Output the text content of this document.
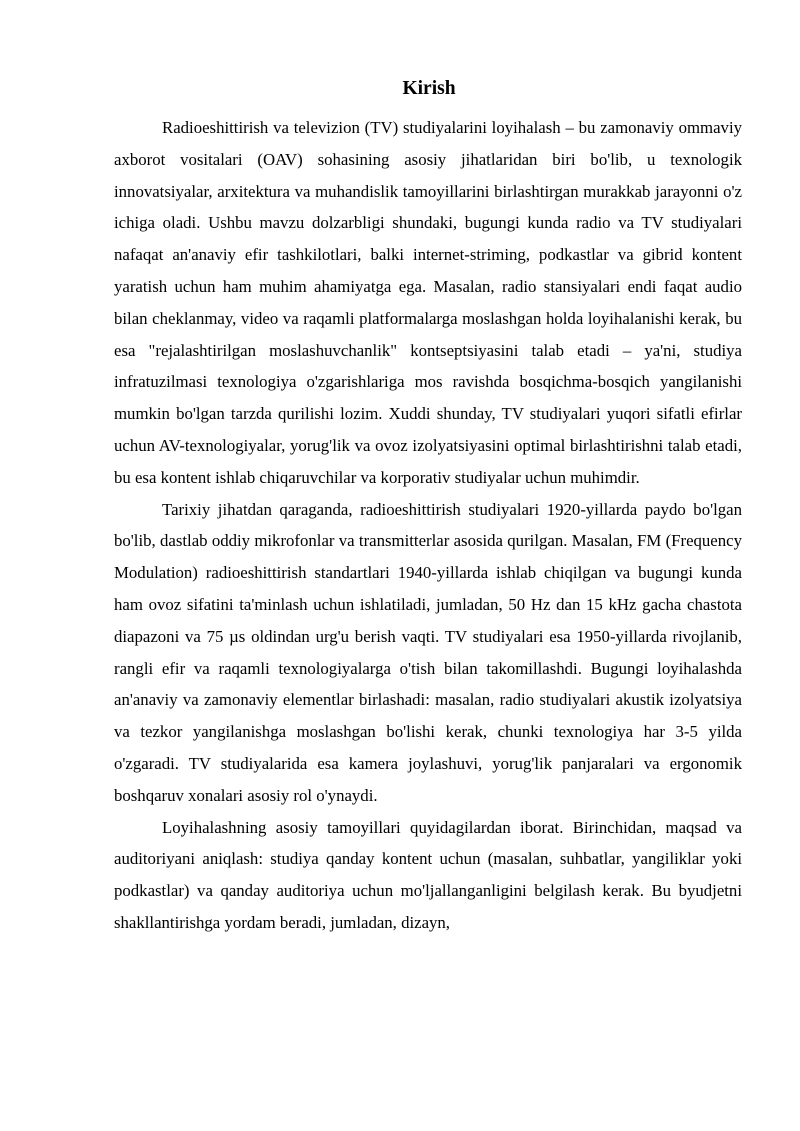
Kirish

Radioeshittirish va televizion (TV) studiyalarini loyihalash – bu zamonaviy ommaviy axborot vositalari (OAV) sohasining asosiy jihatlaridan biri bo'lib, u texnologik innovatsiyalar, arxitektura va muhandislik tamoyillarini birlashtirgan murakkab jarayonni o'z ichiga oladi. Ushbu mavzu dolzarbligi shundaki, bugungi kunda radio va TV studiyalari nafaqat an'anaviy efir tashkilotlari, balki internet-striming, podkastlar va gibrid kontent yaratish uchun ham muhim ahamiyatga ega. Masalan, radio stansiyalari endi faqat audio bilan cheklanmay, video va raqamli platformalarga moslashgan holda loyihalanishi kerak, bu esa "rejalashtirilgan moslashuvchanlik" kontseptsiyasini talab etadi – ya'ni, studiya infratuzilmasi texnologiya o'zgarishlariga mos ravishda bosqichma-bosqich yangilanishi mumkin bo'lgan tarzda qurilishi lozim. Xuddi shunday, TV studiyalari yuqori sifatli efirlar uchun AV-texnologiyalar, yorug'lik va ovoz izolyatsiyasini optimal birlashtirishni talab etadi, bu esa kontent ishlab chiqaruvchilar va korporativ studiyalar uchun muhimdir.

Tarixiy jihatdan qaraganda, radioeshittirish studiyalari 1920-yillarda paydo bo'lgan bo'lib, dastlab oddiy mikrofonlar va transmitterlar asosida qurilgan. Masalan, FM (Frequency Modulation) radioeshittirish standartlari 1940-yillarda ishlab chiqilgan va bugungi kunda ham ovoz sifatini ta'minlash uchun ishlatiladi, jumladan, 50 Hz dan 15 kHz gacha chastota diapazoni va 75 µs oldindan urg'u berish vaqti. TV studiyalari esa 1950-yillarda rivojlanib, rangli efir va raqamli texnologiyalarga o'tish bilan takomillashdi. Bugungi loyihalashda an'anaviy va zamonaviy elementlar birlashadi: masalan, radio studiyalari akustik izolyatsiya va tezkor yangilanishga moslashgan bo'lishi kerak, chunki texnologiya har 3-5 yilda o'zgaradi. TV studiyalarida esa kamera joylashuvi, yorug'lik panjaralari va ergonomik boshqaruv xonalari asosiy rol o'ynaydi.

Loyihalashning asosiy tamoyillari quyidagilardan iborat. Birinchidan, maqsad va auditoriyani aniqlash: studiya qanday kontent uchun (masalan, suhbatlar, yangiliklar yoki podkastlar) va qanday auditoriya uchun mo'ljallanganligini belgilash kerak. Bu byudjetni shakllantirishga yordam beradi, jumladan, dizayn,
